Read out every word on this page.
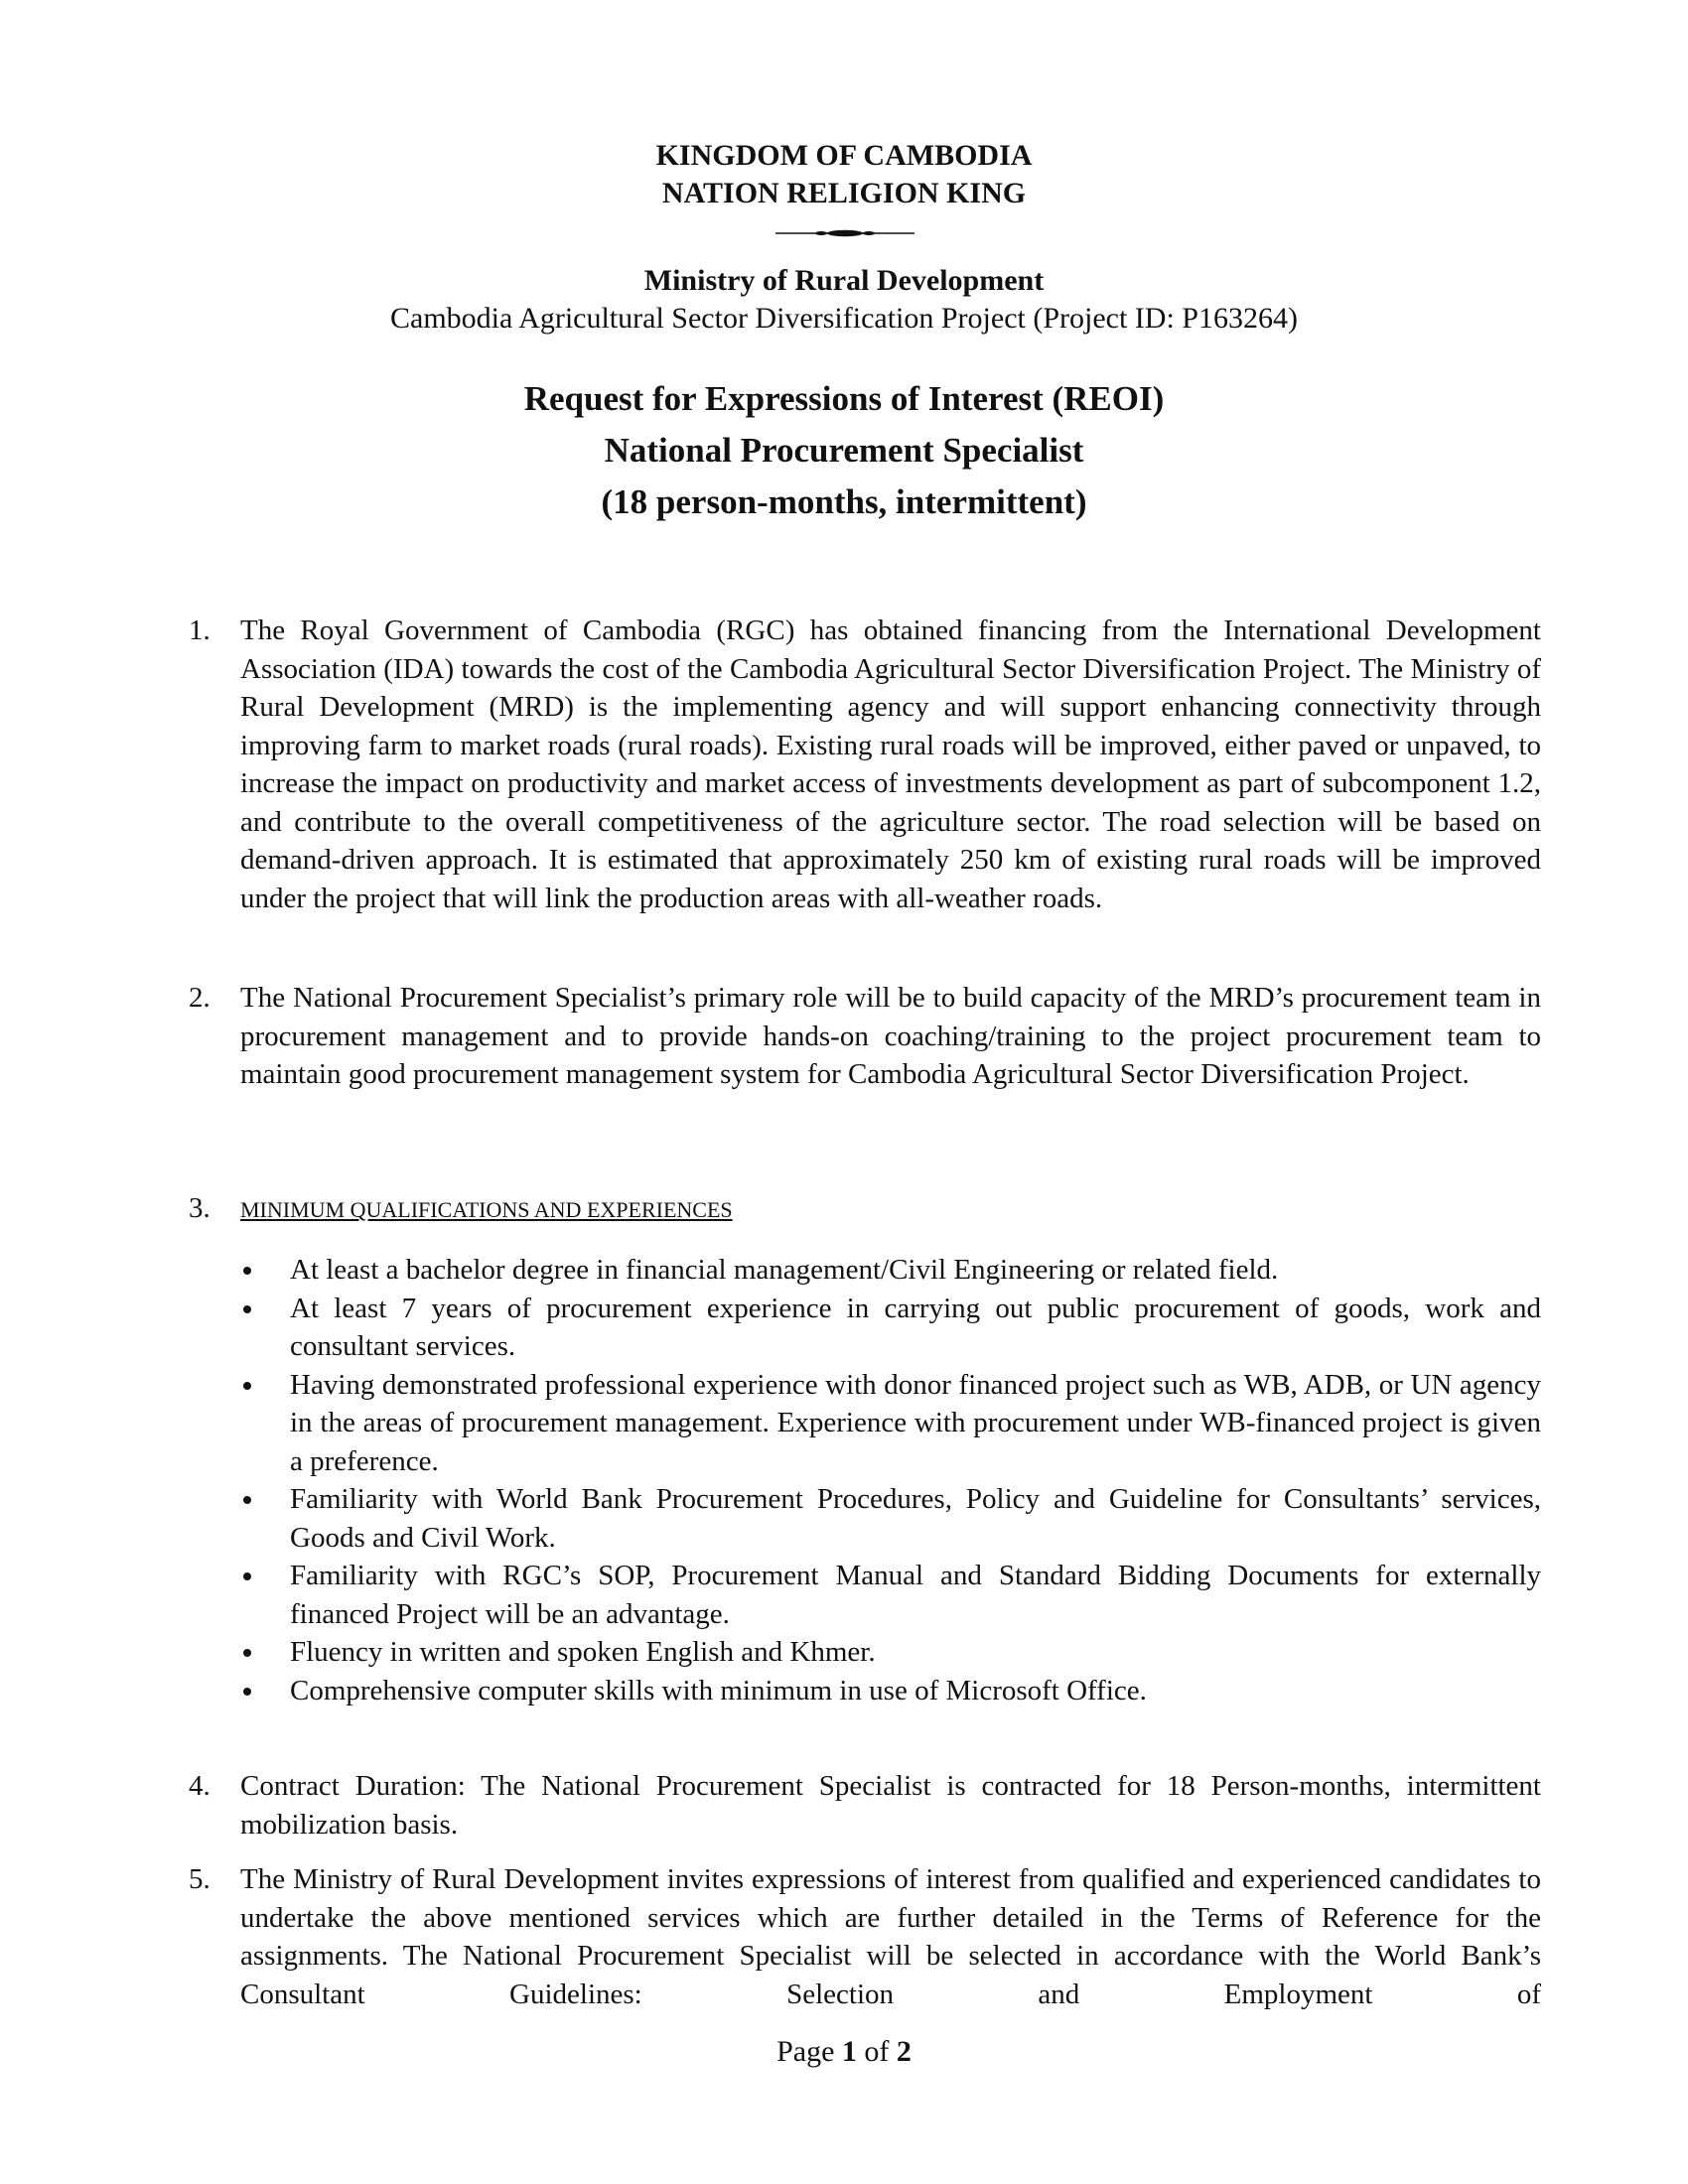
KINGDOM OF CAMBODIA
NATION RELIGION KING
Ministry of Rural Development
Cambodia Agricultural Sector Diversification Project (Project ID: P163264)
Request for Expressions of Interest (REOI)
National Procurement Specialist
(18 person-months, intermittent)
1. The Royal Government of Cambodia (RGC) has obtained financing from the International Development Association (IDA) towards the cost of the Cambodia Agricultural Sector Diversification Project. The Ministry of Rural Development (MRD) is the implementing agency and will support enhancing connectivity through improving farm to market roads (rural roads). Existing rural roads will be improved, either paved or unpaved, to increase the impact on productivity and market access of investments development as part of subcomponent 1.2, and contribute to the overall competitiveness of the agriculture sector. The road selection will be based on demand-driven approach. It is estimated that approximately 250 km of existing rural roads will be improved under the project that will link the production areas with all-weather roads.
2. The National Procurement Specialist’s primary role will be to build capacity of the MRD’s procurement team in procurement management and to provide hands-on coaching/training to the project procurement team to maintain good procurement management system for Cambodia Agricultural Sector Diversification Project.
3. MINIMUM QUALIFICATIONS AND EXPERIENCES
At least a bachelor degree in financial management/Civil Engineering or related field.
At least 7 years of procurement experience in carrying out public procurement of goods, work and consultant services.
Having demonstrated professional experience with donor financed project such as WB, ADB, or UN agency in the areas of procurement management. Experience with procurement under WB-financed project is given a preference.
Familiarity with World Bank Procurement Procedures, Policy and Guideline for Consultants’ services, Goods and Civil Work.
Familiarity with RGC’s SOP, Procurement Manual and Standard Bidding Documents for externally financed Project will be an advantage.
Fluency in written and spoken English and Khmer.
Comprehensive computer skills with minimum in use of Microsoft Office.
4. Contract Duration: The National Procurement Specialist is contracted for 18 Person-months, intermittent mobilization basis.
5. The Ministry of Rural Development invites expressions of interest from qualified and experienced candidates to undertake the above mentioned services which are further detailed in the Terms of Reference for the assignments. The National Procurement Specialist will be selected in accordance with the World Bank’s Consultant Guidelines: Selection and Employment of
Page 1 of 2
